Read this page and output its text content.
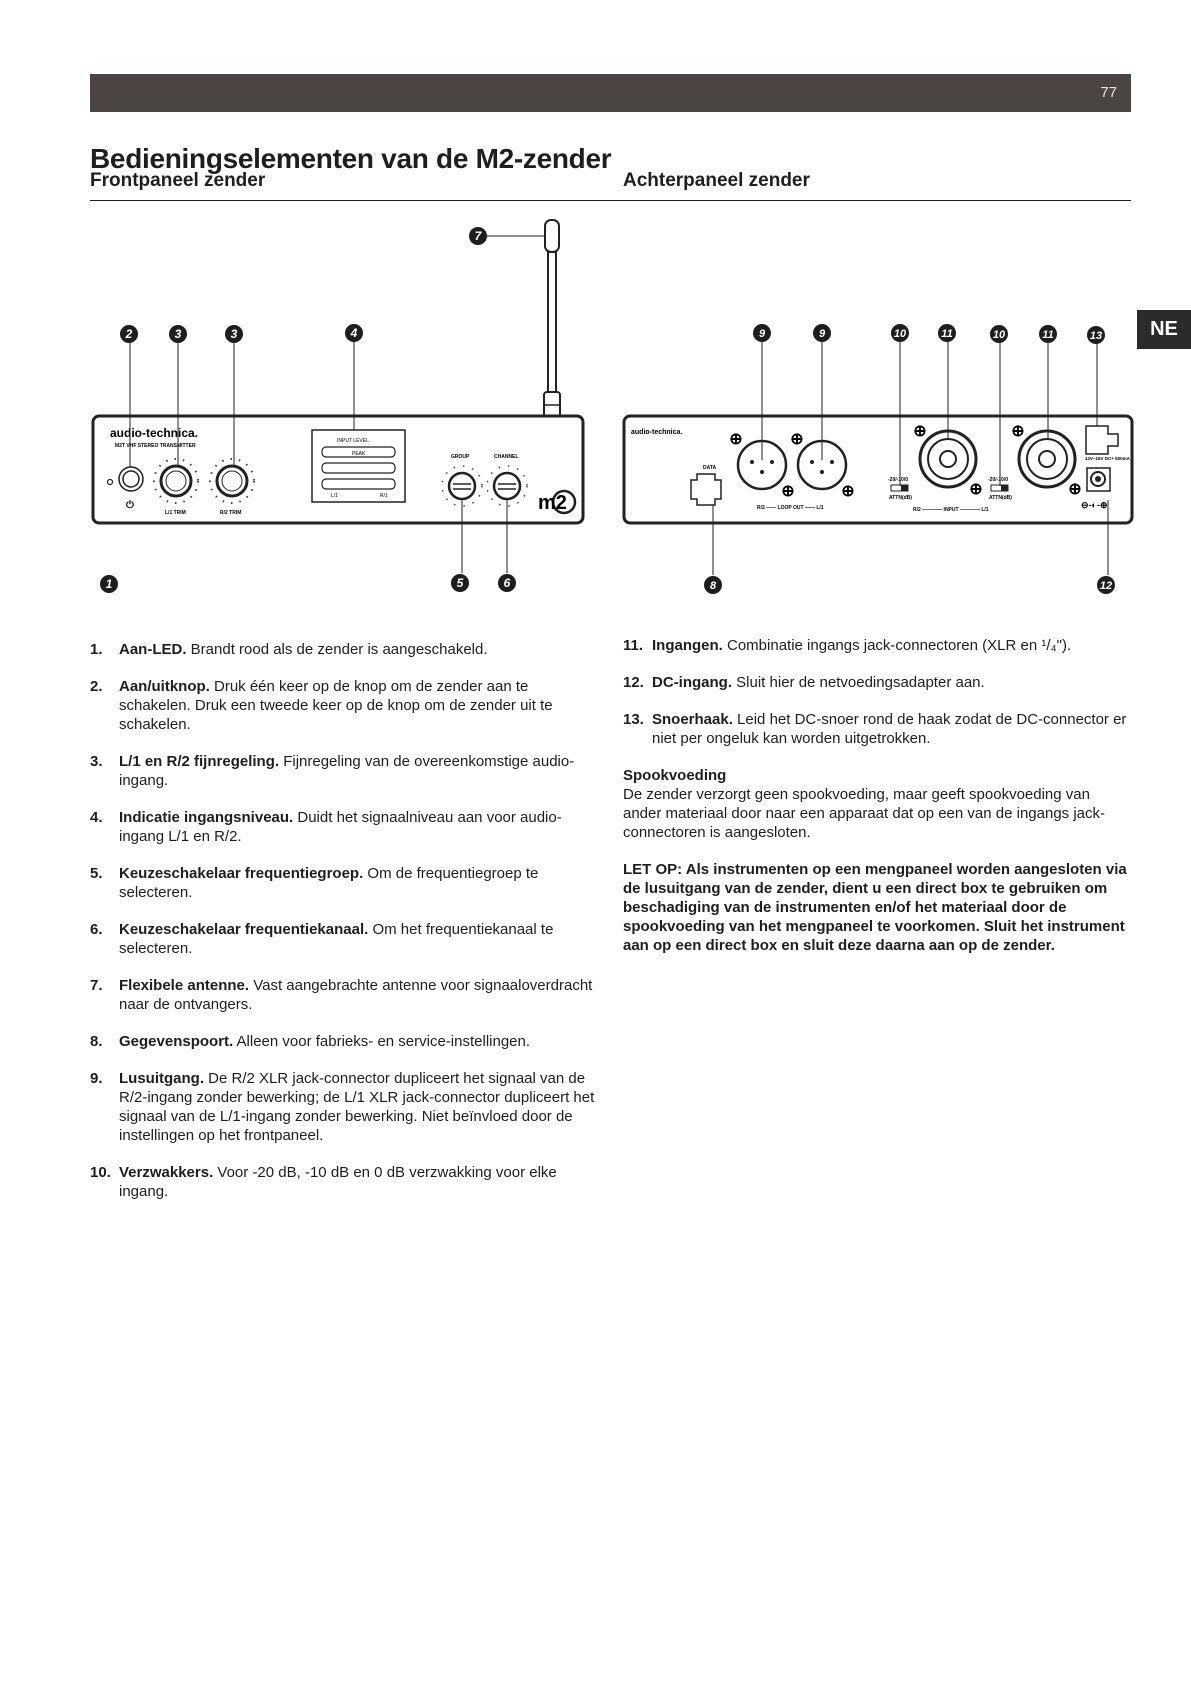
77
NE
Bedieningselementen van de M2-zender
Frontpaneel zender	Achterpaneel zender
audio-technica.
M2T VHF STEREO TRANSMITTER
⏻
L/1 TRIM	R/2 TRIM
INPUT LEVEL
PEAK
L/1	R/1
GROUP	CHANNEL
m2
1
2	3	3	4
5	6
7
audio-technica.
DATA
⊕
⊕
⊕
⊕
R/2 —— LOOP OUT —— L/1
-20/-10/0
ATTN(dB)
-20/-10/0
ATTN(dB)
⊕
⊕
⊕
⊕
R/2 ———— INPUT ———— L/1
12V–16V DC+ 500mA
⊖-◐-⊕
8
9	9	10	11	10	11
12
13
1. Aan-LED. Brandt rood als de zender is aangeschakeld.
2. Aan/uitknop. Druk één keer op de knop om de zender aan te schakelen. Druk een tweede keer op de knop om de zender uit te schakelen.
3. L/1 en R/2 fijnregeling. Fijnregeling van de overeenkomstige audio-ingang.
4. Indicatie ingangsniveau. Duidt het signaalniveau aan voor audio-ingang L/1 en R/2.
5. Keuzeschakelaar frequentiegroep. Om de frequentiegroep te selecteren.
6. Keuzeschakelaar frequentiekanaal. Om het frequentiekanaal te selecteren.
7. Flexibele antenne. Vast aangebrachte antenne voor signaaloverdracht naar de ontvangers.
8. Gegevenspoort. Alleen voor fabrieks- en service-instellingen.
9. Lusuitgang. De R/2 XLR jack-connector dupliceert het signaal van de R/2-ingang zonder bewerking; de L/1 XLR jack-connector dupliceert het signaal van de L/1-ingang zonder bewerking. Niet beïnvloed door de instellingen op het frontpaneel.
10. Verzwakkers. Voor -20 dB, -10 dB en 0 dB verzwakking voor elke ingang.
11. Ingangen. Combinatie ingangs jack-connectoren (XLR en ¹/₄").
12. DC-ingang. Sluit hier de netvoedingsadapter aan.
13. Snoerhaak. Leid het DC-snoer rond de haak zodat de DC-connector er niet per ongeluk kan worden uitgetrokken.

Spookvoeding

De zender verzorgt geen spookvoeding, maar geeft spookvoeding van ander materiaal door naar een apparaat dat op een van de ingangs jack-connectoren is aangesloten.

LET OP: Als instrumenten op een mengpaneel worden aangesloten via de lusuitgang van de zender, dient u een direct box te gebruiken om beschadiging van de instrumenten en/of het materiaal door de spookvoeding van het mengpaneel te voorkomen. Sluit het instrument aan op een direct box en sluit deze daarna aan op de zender.
